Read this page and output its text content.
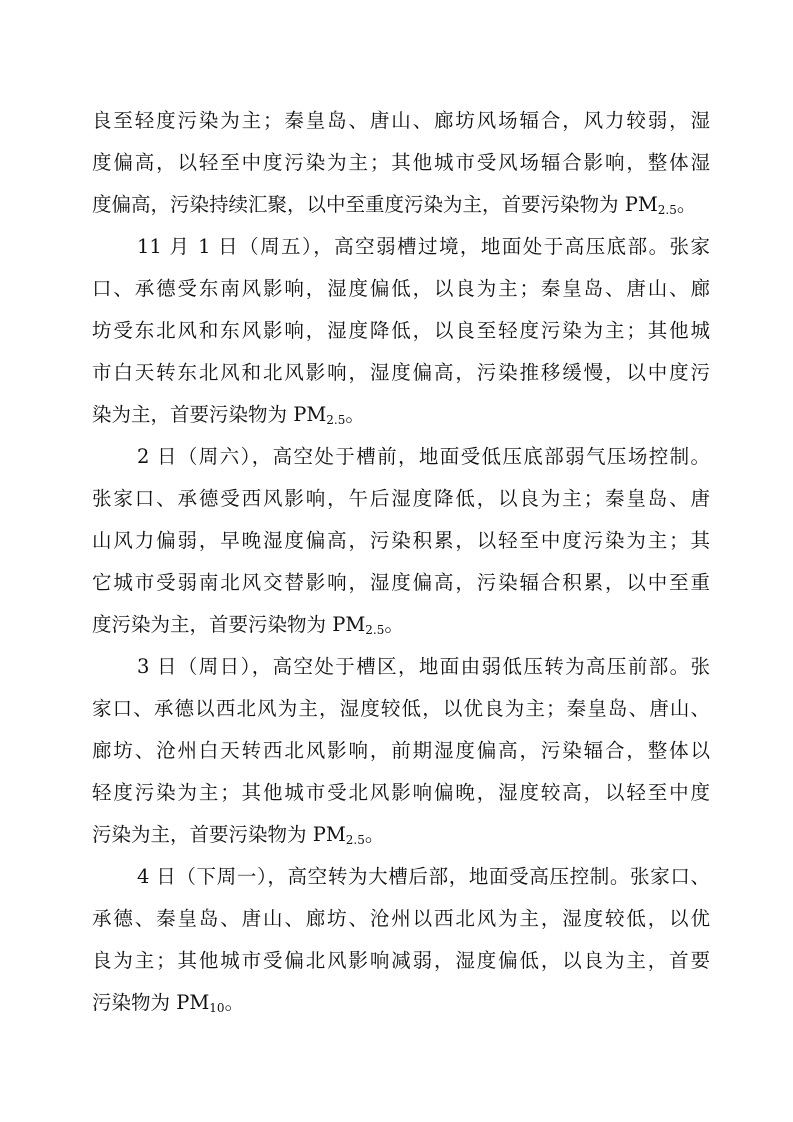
良至轻度污染为主；秦皇岛、唐山、廊坊风场辐合，风力较弱，湿
度偏高，以轻至中度污染为主；其他城市受风场辐合影响，整体湿
度偏高，污染持续汇聚，以中至重度污染为主，首要污染物为 $PM_{2.5}$。
11 月 1 日（周五），高空弱槽过境，地面处于高压底部。张家
口、承德受东南风影响，湿度偏低，以良为主；秦皇岛、唐山、廊
坊受东北风和东风影响，湿度降低，以良至轻度污染为主；其他城
市白天转东北风和北风影响，湿度偏高，污染推移缓慢，以中度污
染为主，首要污染物为 $PM_{2.5}$。
2 日（周六），高空处于槽前，地面受低压底部弱气压场控制。
张家口、承德受西风影响，午后湿度降低，以良为主；秦皇岛、唐
山风力偏弱，早晚湿度偏高，污染积累，以轻至中度污染为主；其
它城市受弱南北风交替影响，湿度偏高，污染辐合积累，以中至重
度污染为主，首要污染物为 $PM_{2.5}$。
3 日（周日），高空处于槽区，地面由弱低压转为高压前部。张
家口、承德以西北风为主，湿度较低，以优良为主；秦皇岛、唐山、
廊坊、沧州白天转西北风影响，前期湿度偏高，污染辐合，整体以
轻度污染为主；其他城市受北风影响偏晚，湿度较高，以轻至中度
污染为主，首要污染物为 $PM_{2.5}$。
4 日（下周一），高空转为大槽后部，地面受高压控制。张家口、
承德、秦皇岛、唐山、廊坊、沧州以西北风为主，湿度较低，以优
良为主；其他城市受偏北风影响减弱，湿度偏低，以良为主，首要
污染物为 $PM_{10}$。
